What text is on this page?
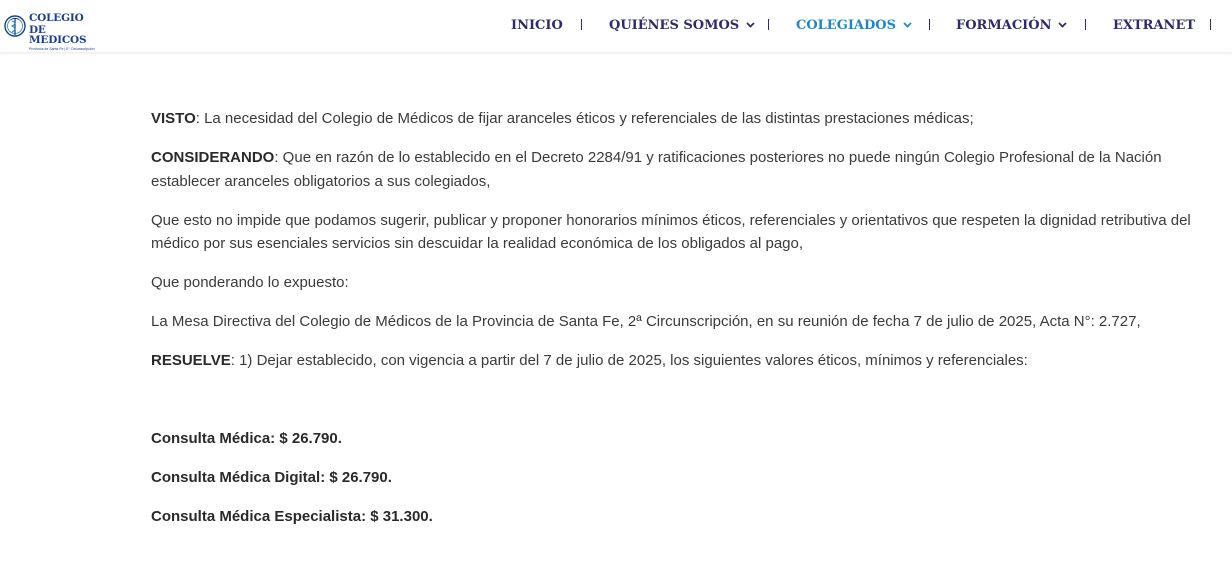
COLEGIO
DE MEDICOS
Provincia de Santa Fe | II° Circunscripción
INICIO	QUIÉNES SOMOS	COLEGIADOS	FORMACIÓN	EXTRANET

VISTO: La necesidad del Colegio de Médicos de fijar aranceles éticos y referenciales de las distintas prestaciones médicas;

CONSIDERANDO: Que en razón de lo establecido en el Decreto 2284/91 y ratificaciones posteriores no puede ningún Colegio Profesional de la Nación establecer aranceles obligatorios a sus colegiados,

Que esto no impide que podamos sugerir, publicar y proponer honorarios mínimos éticos, referenciales y orientativos que respeten la dignidad retributiva del médico por sus esenciales servicios sin descuidar la realidad económica de los obligados al pago,

Que ponderando lo expuesto:

La Mesa Directiva del Colegio de Médicos de la Provincia de Santa Fe, 2ª Circunscripción, en su reunión de fecha 7 de julio de 2025, Acta N°: 2.727,

RESUELVE: 1) Dejar establecido, con vigencia a partir del 7 de julio de 2025, los siguientes valores éticos, mínimos y referenciales:

Consulta Médica: $ 26.790.

Consulta Médica Digital: $ 26.790.

Consulta Médica Especialista: $ 31.300.
